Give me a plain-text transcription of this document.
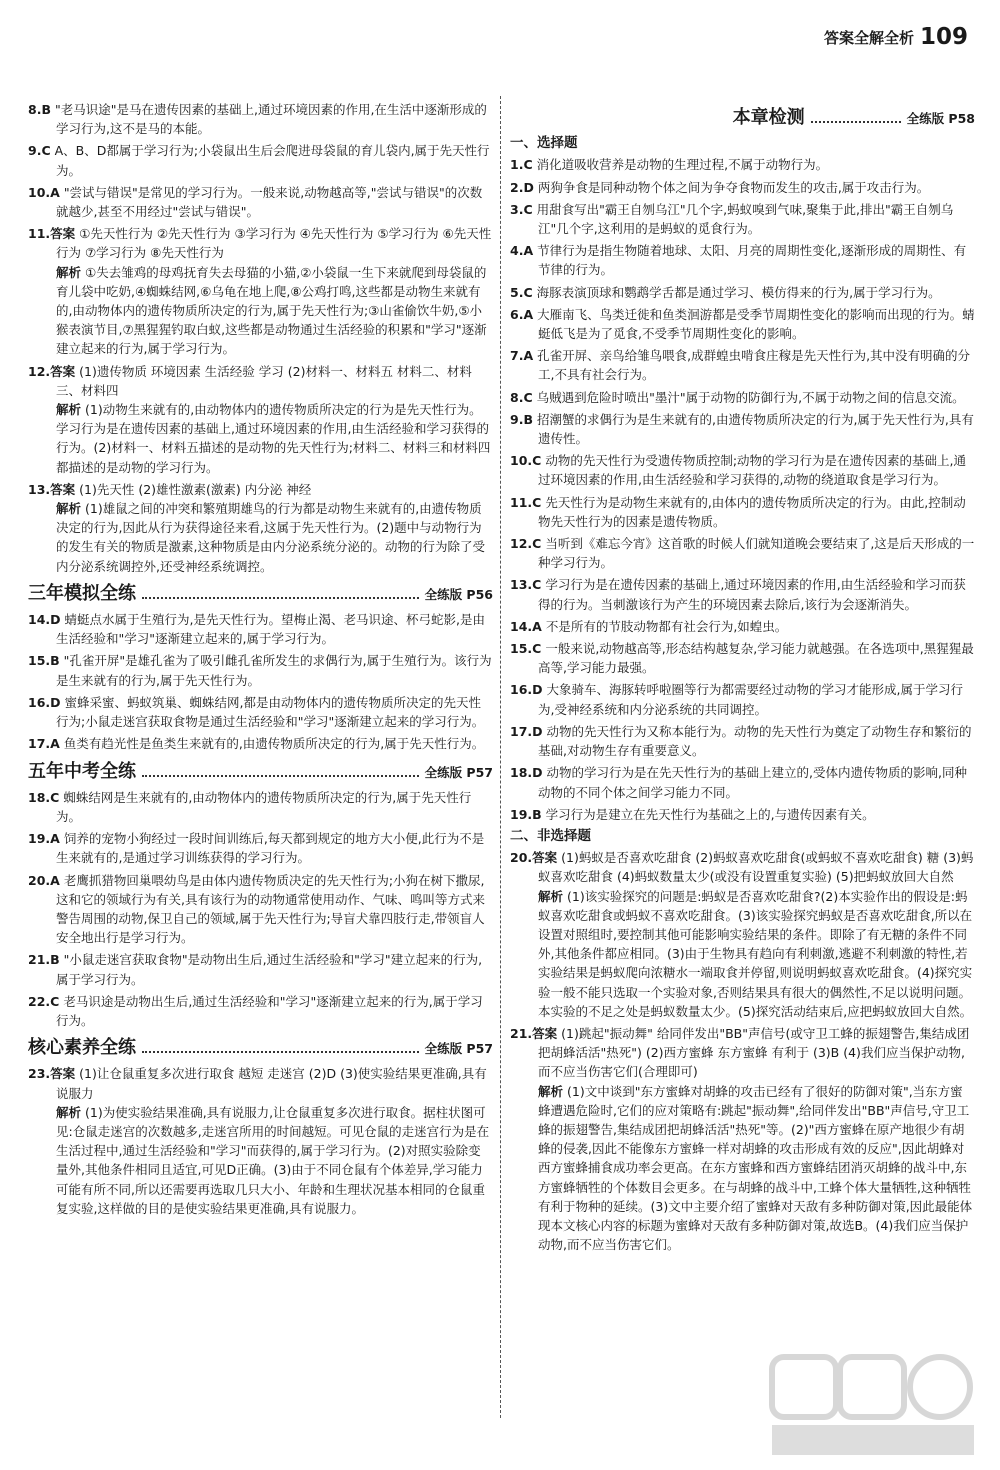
答案全解全析 109
8.B "老马识途"是马在遗传因素的基础上,通过环境因素的作用,在生活中逐渐形成的学习行为,这不是马的本能。
9.C A、B、D都属于学习行为;小袋鼠出生后会爬进母袋鼠的育儿袋内,属于先天性行为。
10.A "尝试与错误"是常见的学习行为。一般来说,动物越高等,"尝试与错误"的次数就越少,甚至不用经过"尝试与错误"。
11.答案 ①先天性行为 ②先天性行为 ③学习行为 ④先天性行为 ⑤学习行为 ⑥先天性行为 ⑦学习行为 ⑧先天性行为
解析 ①失去雏鸡的母鸡抚育失去母猫的小猫,②小袋鼠一生下来就爬到母袋鼠的育儿袋中吃奶,④蜘蛛结网,⑥乌龟在地上爬,⑧公鸡打鸣,这些都是动物生来就有的,由动物体内的遗传物质所决定的行为,属于先天性行为;③山雀偷饮牛奶,⑤小猴表演节目,⑦黑猩猩钓取白蚁,这些都是动物通过生活经验的积累和"学习"逐渐建立起来的行为,属于学习行为。
12.答案 (1)遗传物质 环境因素 生活经验 学习 (2)材料一、材料五 材料二、材料三、材料四
解析 (1)动物生来就有的,由动物体内的遗传物质所决定的行为是先天性行为。学习行为是在遗传因素的基础上,通过环境因素的作用,由生活经验和学习获得的行为。(2)材料一、材料五描述的是动物的先天性行为;材料二、材料三和材料四都描述的是动物的学习行为。
13.答案 (1)先天性 (2)雄性激素(激素) 内分泌 神经
解析 (1)雄鼠之间的冲突和繁殖期雄鸟的行为都是动物生来就有的,由遗传物质决定的行为,因此从行为获得途径来看,这属于先天性行为。(2)题中与动物行为的发生有关的物质是激素,这种物质是由内分泌系统分泌的。动物的行为除了受内分泌系统调控外,还受神经系统调控。
三年模拟全练	全练版 P56
14.D 蜻蜓点水属于生殖行为,是先天性行为。望梅止渴、老马识途、杯弓蛇影,是由生活经验和"学习"逐渐建立起来的,属于学习行为。
15.B "孔雀开屏"是雄孔雀为了吸引雌孔雀所发生的求偶行为,属于生殖行为。该行为是生来就有的行为,属于先天性行为。
16.D 蜜蜂采蜜、蚂蚁筑巢、蜘蛛结网,都是由动物体内的遗传物质所决定的先天性行为;小鼠走迷宫获取食物是通过生活经验和"学习"逐渐建立起来的学习行为。
17.A 鱼类有趋光性是鱼类生来就有的,由遗传物质所决定的行为,属于先天性行为。
五年中考全练	全练版 P57
18.C 蜘蛛结网是生来就有的,由动物体内的遗传物质所决定的行为,属于先天性行为。
19.A 饲养的宠物小狗经过一段时间训练后,每天都到规定的地方大小便,此行为不是生来就有的,是通过学习训练获得的学习行为。
20.A 老鹰抓猎物回巢喂幼鸟是由体内遗传物质决定的先天性行为;小狗在树下撒尿,这和它的领域行为有关,具有该行为的动物通常使用动作、气味、鸣叫等方式来警告周围的动物,保卫自己的领域,属于先天性行为;导盲犬靠四肢行走,带领盲人安全地出行是学习行为。
21.B "小鼠走迷宫获取食物"是动物出生后,通过生活经验和"学习"建立起来的行为,属于学习行为。
22.C 老马识途是动物出生后,通过生活经验和"学习"逐渐建立起来的行为,属于学习行为。
核心素养全练	全练版 P57
23.答案 (1)让仓鼠重复多次进行取食 越短 走迷宫 (2)D (3)使实验结果更准确,具有说服力
解析 (1)为使实验结果准确,具有说服力,让仓鼠重复多次进行取食。据柱状图可见:仓鼠走迷宫的次数越多,走迷宫所用的时间越短。可见仓鼠的走迷宫行为是在生活过程中,通过生活经验和"学习"而获得的,属于学习行为。(2)对照实验除变量外,其他条件相同且适宜,可见D正确。(3)由于不同仓鼠有个体差异,学习能力可能有所不同,所以还需要再选取几只大小、年龄和生理状况基本相同的仓鼠重复实验,这样做的目的是使实验结果更准确,具有说服力。
本章检测	全练版 P58
一、选择题
1.C 消化道吸收营养是动物的生理过程,不属于动物行为。
2.D 两狗争食是同种动物个体之间为争夺食物而发生的攻击,属于攻击行为。
3.C 用甜食写出"霸王自刎乌江"几个字,蚂蚁嗅到气味,聚集于此,排出"霸王自刎乌江"几个字,这利用的是蚂蚁的觅食行为。
4.A 节律行为是指生物随着地球、太阳、月亮的周期性变化,逐渐形成的周期性、有节律的行为。
5.C 海豚表演顶球和鹦鹉学舌都是通过学习、模仿得来的行为,属于学习行为。
6.A 大雁南飞、鸟类迁徙和鱼类洄游都是受季节周期性变化的影响而出现的行为。蜻蜓低飞是为了觅食,不受季节周期性变化的影响。
7.A 孔雀开屏、亲鸟给雏鸟喂食,成群蝗虫啃食庄稼是先天性行为,其中没有明确的分工,不具有社会行为。
8.C 乌贼遇到危险时喷出"墨汁"属于动物的防御行为,不属于动物之间的信息交流。
9.B 招潮蟹的求偶行为是生来就有的,由遗传物质所决定的行为,属于先天性行为,具有遗传性。
10.C 动物的先天性行为受遗传物质控制;动物的学习行为是在遗传因素的基础上,通过环境因素的作用,由生活经验和学习获得的,动物的绕道取食是学习行为。
11.C 先天性行为是动物生来就有的,由体内的遗传物质所决定的行为。由此,控制动物先天性行为的因素是遗传物质。
12.C 当听到《难忘今宵》这首歌的时候人们就知道晚会要结束了,这是后天形成的一种学习行为。
13.C 学习行为是在遗传因素的基础上,通过环境因素的作用,由生活经验和学习而获得的行为。当刺激该行为产生的环境因素去除后,该行为会逐渐消失。
14.A 不是所有的节肢动物都有社会行为,如蝗虫。
15.C 一般来说,动物越高等,形态结构越复杂,学习能力就越强。在各选项中,黑猩猩最高等,学习能力最强。
16.D 大象骑车、海豚转呼啦圈等行为都需要经过动物的学习才能形成,属于学习行为,受神经系统和内分泌系统的共同调控。
17.D 动物的先天性行为又称本能行为。动物的先天性行为奠定了动物生存和繁衍的基础,对动物生存有重要意义。
18.D 动物的学习行为是在先天性行为的基础上建立的,受体内遗传物质的影响,同种动物的不同个体之间学习能力不同。
19.B 学习行为是建立在先天性行为基础之上的,与遗传因素有关。
二、非选择题
20.答案 (1)蚂蚁是否喜欢吃甜食 (2)蚂蚁喜欢吃甜食(或蚂蚁不喜欢吃甜食) 糖 (3)蚂蚁喜欢吃甜食 (4)蚂蚁数量太少(或没有设置重复实验) (5)把蚂蚁放回大自然
解析 (1)该实验探究的问题是:蚂蚁是否喜欢吃甜食?(2)本实验作出的假设是:蚂蚁喜欢吃甜食或蚂蚁不喜欢吃甜食。(3)该实验探究蚂蚁是否喜欢吃甜食,所以在设置对照组时,要控制其他可能影响实验结果的条件。即除了有无糖的条件不同外,其他条件都应相同。(3)由于生物具有趋向有利刺激,逃避不利刺激的特性,若实验结果是蚂蚁爬向浓糖水一端取食并停留,则说明蚂蚁喜欢吃甜食。(4)探究实验一般不能只选取一个实验对象,否则结果具有很大的偶然性,不足以说明问题。本实验的不足之处是蚂蚁数量太少。(5)探究活动结束后,应把蚂蚁放回大自然。
21.答案 (1)跳起"振动舞" 给同伴发出"BB"声信号(或守卫工蜂的振翅警告,集结成团把胡蜂活活"热死") (2)西方蜜蜂 东方蜜蜂 有利于 (3)B (4)我们应当保护动物,而不应当伤害它们(合理即可)
解析 (1)文中谈到"东方蜜蜂对胡蜂的攻击已经有了很好的防御对策",当东方蜜蜂遭遇危险时,它们的应对策略有:跳起"振动舞",给同伴发出"BB"声信号,守卫工蜂的振翅警告,集结成团把胡蜂活活"热死"等。(2)"西方蜜蜂在原产地很少有胡蜂的侵袭,因此不能像东方蜜蜂一样对胡蜂的攻击形成有效的反应",因此胡蜂对西方蜜蜂捕食成功率会更高。在东方蜜蜂和西方蜜蜂结团消灭胡蜂的战斗中,东方蜜蜂牺牲的个体数目会更多。在与胡蜂的战斗中,工蜂个体大量牺牲,这种牺牲有利于物种的延续。(3)文中主要介绍了蜜蜂对天敌有多种防御对策,因此最能体现本文核心内容的标题为蜜蜂对天敌有多种防御对策,故选B。(4)我们应当保护动物,而不应当伤害它们。
